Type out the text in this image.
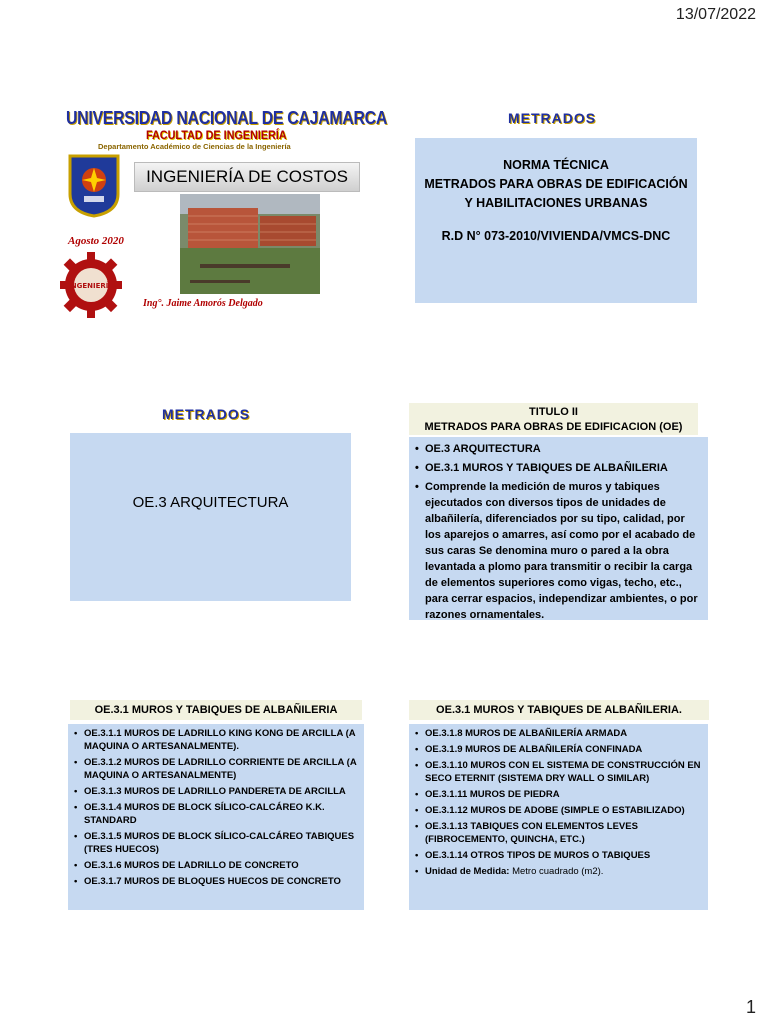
13/07/2022
1
UNIVERSIDAD NACIONAL DE CAJAMARCA
FACULTAD DE INGENIERÍA
Departamento Académico de Ciencias de la Ingeniería
INGENIERÍA DE COSTOS
Agosto 2020
INGENIERÍA
Ing°. Jaime Amorós Delgado
METRADOS
NORMA TÉCNICA
METRADOS PARA OBRAS DE EDIFICACIÓN
Y HABILITACIONES URBANAS
R.D N° 073-2010/VIVIENDA/VMCS-DNC
METRADOS
OE.3 ARQUITECTURA
TITULO II
METRADOS PARA OBRAS DE EDIFICACION (OE)
• OE.3 ARQUITECTURA
• OE.3.1 MUROS Y TABIQUES DE ALBAÑILERIA
• Comprende la medición de muros y tabiques ejecutados con diversos tipos de unidades de albañilería, diferenciados por su tipo, calidad, por los aparejos o amarres, así como por el acabado de sus caras Se denomina muro o pared a la obra levantada a plomo para transmitir o recibir la carga de elementos superiores como vigas, techo, etc., para cerrar espacios, independizar ambientes, o por razones ornamentales.
OE.3.1 MUROS Y TABIQUES DE ALBAÑILERIA
• OE.3.1.1 MUROS DE LADRILLO KING KONG DE ARCILLA (A MAQUINA O ARTESANALMENTE).
• OE.3.1.2 MUROS DE LADRILLO CORRIENTE DE ARCILLA (A MAQUINA O ARTESANALMENTE)
• OE.3.1.3 MUROS DE LADRILLO PANDERETA DE ARCILLA
• OE.3.1.4 MUROS DE BLOCK SÍLICO-CALCÁREO K.K. STANDARD
• OE.3.1.5 MUROS DE BLOCK SÍLICO-CALCÁREO TABIQUES (TRES HUECOS)
• OE.3.1.6 MUROS DE LADRILLO DE CONCRETO
• OE.3.1.7 MUROS DE BLOQUES HUECOS DE CONCRETO
OE.3.1 MUROS Y TABIQUES DE ALBAÑILERIA.
• OE.3.1.8 MUROS DE ALBAÑILERÍA ARMADA
• OE.3.1.9 MUROS DE ALBAÑILERÍA CONFINADA
• OE.3.1.10 MUROS CON EL SISTEMA DE CONSTRUCCIÓN EN SECO ETERNIT (SISTEMA DRY WALL O SIMILAR)
• OE.3.1.11 MUROS DE PIEDRA
• OE.3.1.12 MUROS DE ADOBE (SIMPLE O ESTABILIZADO)
• OE.3.1.13 TABIQUES CON ELEMENTOS LEVES (FIBROCEMENTO, QUINCHA, ETC.)
• OE.3.1.14 OTROS TIPOS DE MUROS O TABIQUES
• Unidad de Medida: Metro cuadrado (m2).
